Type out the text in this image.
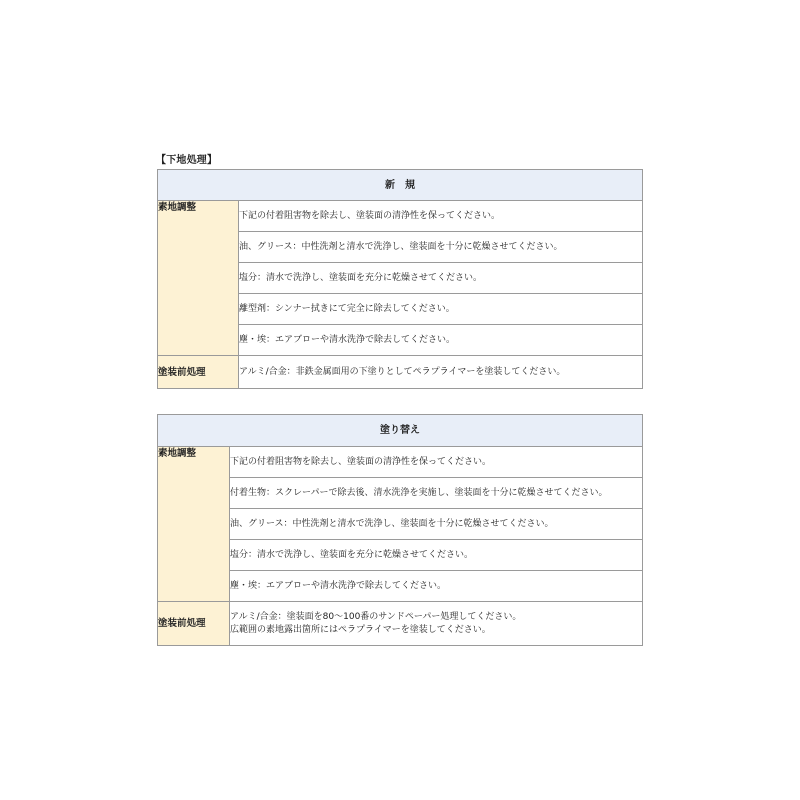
【下地処理】
新　規	
素地調整	下記の付着阻害物を除去し、塗装面の清浄性を保ってください。
	油、グリース：中性洗剤と清水で洗浄し、塗装面を十分に乾燥させてください。
	塩分：清水で洗浄し、塗装面を充分に乾燥させてください。
	離型剤：シンナー拭きにて完全に除去してください。
	塵・埃：エアブローや清水洗浄で除去してください。
塗装前処理	アルミ/合金：非鉄金属面用の下塗りとしてペラプライマーを塗装してください。
塗り替え	
素地調整	下記の付着阻害物を除去し、塗装面の清浄性を保ってください。
	付着生物：スクレーパーで除去後、清水洗浄を実施し、塗装面を十分に乾燥させてください。
	油、グリース：中性洗剤と清水で洗浄し、塗装面を十分に乾燥させてください。
	塩分：清水で洗浄し、塗装面を充分に乾燥させてください。
	塵・埃：エアブローや清水洗浄で除去してください。
塗装前処理	アルミ/合金：塗装面を80〜100番のサンドペーパー処理してください。
広範囲の素地露出箇所にはペラプライマーを塗装してください。
